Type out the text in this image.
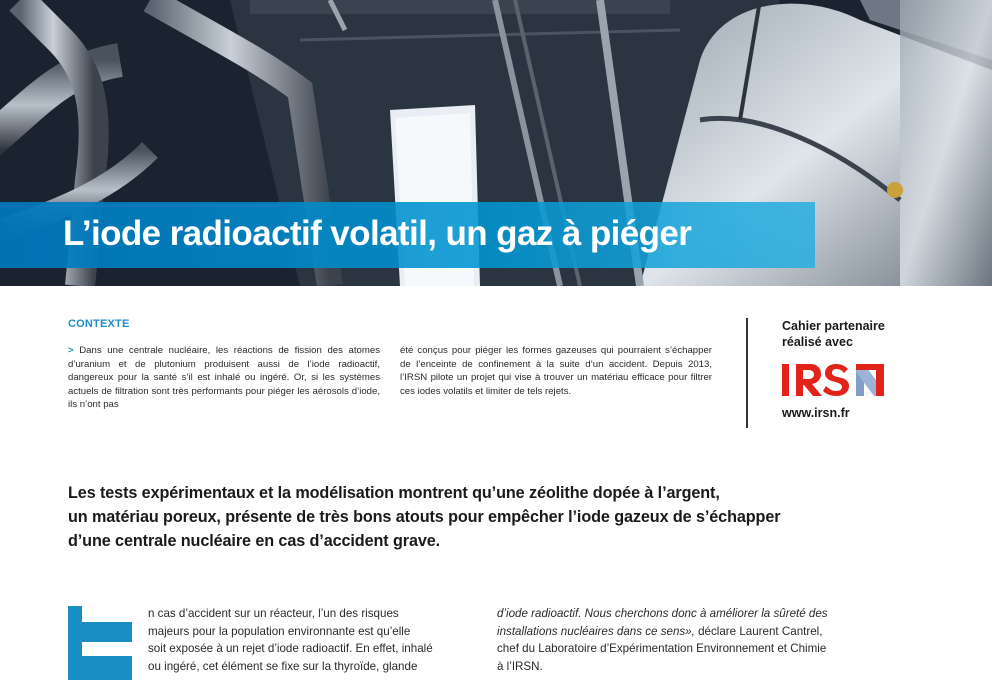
L’iode radioactif volatil, un gaz à piéger
CONTEXTE
> Dans une centrale nucléaire, les réactions de fission des atomes d’uranium et de plutonium produisent aussi de l’iode radioactif, dangereux pour la santé s’il est inhalé ou ingéré. Or, si les systèmes actuels de filtration sont très performants pour piéger les aérosols d’iode, ils n’ont pas
été conçus pour piéger les formes gazeuses qui pourraient s’échapper de l’enceinte de confinement à la suite d’un accident. Depuis 2013, l’IRSN pilote un projet qui vise à trouver un matériau efficace pour filtrer ces iodes volatils et limiter de tels rejets.
Cahier partenaire
réalisé avec
www.irsn.fr
Les tests expérimentaux et la modélisation montrent qu’une zéolithe dopée à l’argent,
un matériau poreux, présente de très bons atouts pour empêcher l’iode gazeux de s’échapper
d’une centrale nucléaire en cas d’accident grave.
n cas d’accident sur un réacteur, l’un des risques
majeurs pour la population environnante est qu’elle
soit exposée à un rejet d’iode radioactif. En effet, inhalé
ou ingéré, cet élément se fixe sur la thyroïde, glande
d’iode radioactif. Nous cherchons donc à améliorer la sûreté des
installations nucléaires dans ce sens», déclare Laurent Cantrel,
chef du Laboratoire d’Expérimentation Environnement et Chimie
à l’IRSN.
